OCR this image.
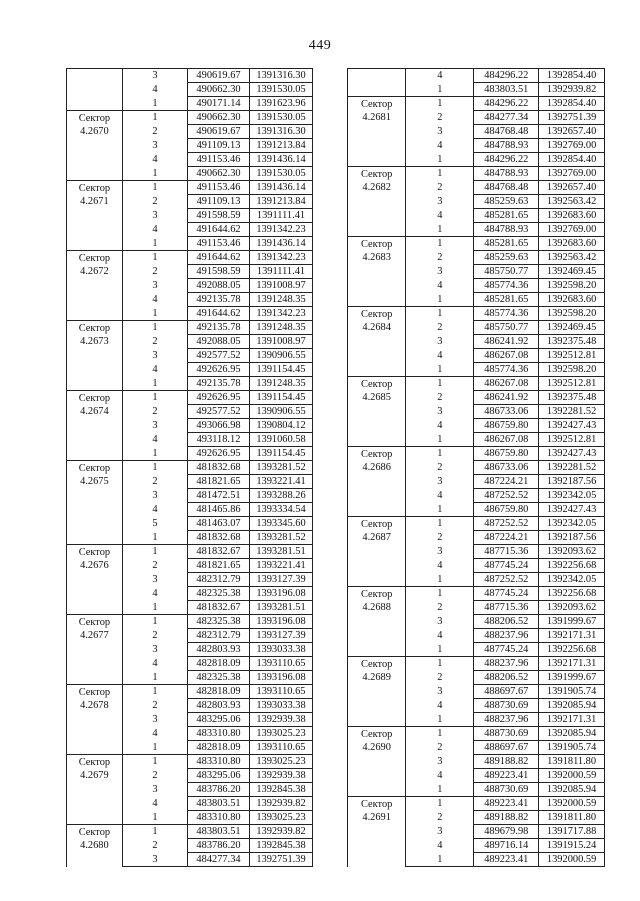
449
	3	490619.67	1391316.30
	4	490662.30	1391530.05
	1	490171.14	1391623.96

Сектор
4.2670	1	490662.30	1391530.05
	2	490619.67	1391316.30
	3	491109.13	1391213.84
	4	491153.46	1391436.14
	1	490662.30	1391530.05

Сектор
4.2671	1	491153.46	1391436.14
	2	491109.13	1391213.84
	3	491598.59	1391111.41
	4	491644.62	1391342.23
	1	491153.46	1391436.14

Сектор
4.2672	1	491644.62	1391342.23
	2	491598.59	1391111.41
	3	492088.05	1391008.97
	4	492135.78	1391248.35
	1	491644.62	1391342.23

Сектор
4.2673	1	492135.78	1391248.35
	2	492088.05	1391008.97
	3	492577.52	1390906.55
	4	492626.95	1391154.45
	1	492135.78	1391248.35

Сектор
4.2674	1	492626.95	1391154.45
	2	492577.52	1390906.55
	3	493066.98	1390804.12
	4	493118.12	1391060.58
	1	492626.95	1391154.45

Сектор
4.2675	1	481832.68	1393281.52
	2	481821.65	1393221.41
	3	481472.51	1393288.26
	4	481465.86	1393334.54
	5	481463.07	1393345.60
	1	481832.68	1393281.52

Сектор
4.2676	1	481832.67	1393281.51
	2	481821.65	1393221.41
	3	482312.79	1393127.39
	4	482325.38	1393196.08
	1	481832.67	1393281.51

Сектор
4.2677	1	482325.38	1393196.08
	2	482312.79	1393127.39
	3	482803.93	1393033.38
	4	482818.09	1393110.65
	1	482325.38	1393196.08

Сектор
4.2678	1	482818.09	1393110.65
	2	482803.93	1393033.38
	3	483295.06	1392939.38
	4	483310.80	1393025.23
	1	482818.09	1393110.65

Сектор
4.2679	1	483310.80	1393025.23
	2	483295.06	1392939.38
	3	483786.20	1392845.38
	4	483803.51	1392939.82
	1	483310.80	1393025.23

Сектор
4.2680	1	483803.51	1392939.82
	2	483786.20	1392845.38
	3	484277.34	1392751.39
	4	484296.22	1392854.40
	1	483803.51	1392939.82

Сектор
4.2681	1	484296.22	1392854.40
	2	484277.34	1392751.39
	3	484768.48	1392657.40
	4	484788.93	1392769.00
	1	484296.22	1392854.40

Сектор
4.2682	1	484788.93	1392769.00
	2	484768.48	1392657.40
	3	485259.63	1392563.42
	4	485281.65	1392683.60
	1	484788.93	1392769.00

Сектор
4.2683	1	485281.65	1392683.60
	2	485259.63	1392563.42
	3	485750.77	1392469.45
	4	485774.36	1392598.20
	1	485281.65	1392683.60

Сектор
4.2684	1	485774.36	1392598.20
	2	485750.77	1392469.45
	3	486241.92	1392375.48
	4	486267.08	1392512.81
	1	485774.36	1392598.20

Сектор
4.2685	1	486267.08	1392512.81
	2	486241.92	1392375.48
	3	486733.06	1392281.52
	4	486759.80	1392427.43
	1	486267.08	1392512.81

Сектор
4.2686	1	486759.80	1392427.43
	2	486733.06	1392281.52
	3	487224.21	1392187.56
	4	487252.52	1392342.05
	1	486759.80	1392427.43

Сектор
4.2687	1	487252.52	1392342.05
	2	487224.21	1392187.56
	3	487715.36	1392093.62
	4	487745.24	1392256.68
	1	487252.52	1392342.05

Сектор
4.2688	1	487745.24	1392256.68
	2	487715.36	1392093.62
	3	488206.52	1391999.67
	4	488237.96	1392171.31
	1	487745.24	1392256.68

Сектор
4.2689	1	488237.96	1392171.31
	2	488206.52	1391999.67
	3	488697.67	1391905.74
	4	488730.69	1392085.94
	1	488237.96	1392171.31

Сектор
4.2690	1	488730.69	1392085.94
	2	488697.67	1391905.74
	3	489188.82	1391811.80
	4	489223.41	1392000.59
	1	488730.69	1392085.94

Сектор
4.2691	1	489223.41	1392000.59
	2	489188.82	1391811.80
	3	489679.98	1391717.88
	4	489716.14	1391915.24
	1	489223.41	1392000.59
